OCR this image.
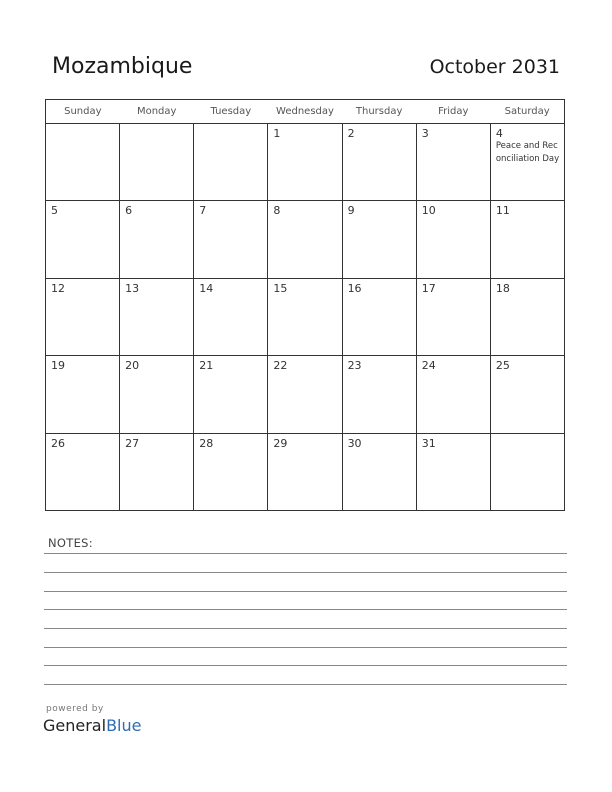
Mozambique	October 2031
Sunday	Monday	Tuesday	Wednesday	Thursday	Friday	Saturday

			1	2	3	4
Peace and Reconciliation Day

5	6	7	8	9	10	11

12	13	14	15	16	17	18

19	20	21	22	23	24	25

26	27	28	29	30	31	

NOTES:
powered by
GeneralBlue
